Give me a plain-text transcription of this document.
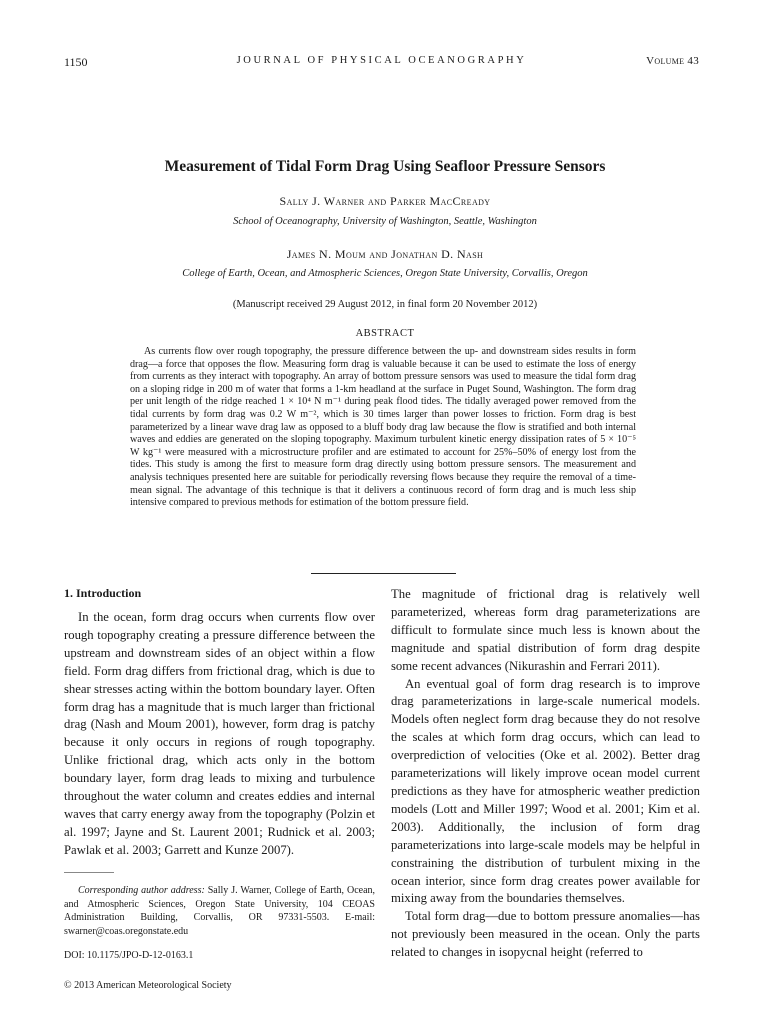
1150	JOURNAL OF PHYSICAL OCEANOGRAPHY	Volume 43
Measurement of Tidal Form Drag Using Seafloor Pressure Sensors
Sally J. Warner and Parker MacCready
School of Oceanography, University of Washington, Seattle, Washington
James N. Moum and Jonathan D. Nash
College of Earth, Ocean, and Atmospheric Sciences, Oregon State University, Corvallis, Oregon
(Manuscript received 29 August 2012, in final form 20 November 2012)
ABSTRACT

As currents flow over rough topography, the pressure difference between the up- and downstream sides results in form drag—a force that opposes the flow. Measuring form drag is valuable because it can be used to estimate the loss of energy from currents as they interact with topography. An array of bottom pressure sensors was used to measure the tidal form drag on a sloping ridge in 200 m of water that forms a 1-km headland at the surface in Puget Sound, Washington. The form drag per unit length of the ridge reached 1 × 10⁴ N m⁻¹ during peak flood tides. The tidally averaged power removed from the tidal currents by form drag was 0.2 W m⁻², which is 30 times larger than power losses to friction. Form drag is best parameterized by a linear wave drag law as opposed to a bluff body drag law because the flow is stratified and both internal waves and eddies are generated on the sloping topography. Maximum turbulent kinetic energy dissipation rates of 5 × 10⁻⁵ W kg⁻¹ were measured with a microstructure profiler and are estimated to account for 25%–50% of energy lost from the tides. This study is among the first to measure form drag directly using bottom pressure sensors. The measurement and analysis techniques presented here are suitable for periodically reversing flows because they require the removal of a time-mean signal. The advantage of this technique is that it delivers a continuous record of form drag and is much less ship intensive compared to previous methods for estimation of the bottom pressure field.

1. Introduction

In the ocean, form drag occurs when currents flow over rough topography creating a pressure difference between the upstream and downstream sides of an object within a flow field. Form drag differs from frictional drag, which is due to shear stresses acting within the bottom boundary layer. Often form drag has a magnitude that is much larger than frictional drag (Nash and Moum 2001), however, form drag is patchy because it only occurs in regions of rough topography. Unlike frictional drag, which acts only in the bottom boundary layer, form drag leads to mixing and turbulence throughout the water column and creates eddies and internal waves that carry energy away from the topography (Polzin et al. 1997; Jayne and St. Laurent 2001; Rudnick et al. 2003; Pawlak et al. 2003; Garrett and Kunze 2007).

The magnitude of frictional drag is relatively well parameterized, whereas form drag parameterizations are difficult to formulate since much less is known about the magnitude and spatial distribution of form drag despite some recent advances (Nikurashin and Ferrari 2011).

An eventual goal of form drag research is to improve drag parameterizations in large-scale numerical models. Models often neglect form drag because they do not resolve the scales at which form drag occurs, which can lead to overprediction of velocities (Oke et al. 2002). Better drag parameterizations will likely improve ocean model current predictions as they have for atmospheric weather prediction models (Lott and Miller 1997; Wood et al. 2001; Kim et al. 2003). Additionally, the inclusion of form drag parameterizations into large-scale models may be helpful in constraining the distribution of turbulent mixing in the ocean interior, since form drag creates power available for mixing away from the boundaries themselves.

Total form drag—due to bottom pressure anomalies—has not previously been measured in the ocean. Only the parts related to changes in isopycnal height (referred to

Corresponding author address: Sally J. Warner, College of Earth, Ocean, and Atmospheric Sciences, Oregon State University, 104 CEOAS Administration Building, Corvallis, OR 97331-5503. E-mail: swarner@coas.oregonstate.edu

DOI: 10.1175/JPO-D-12-0163.1
© 2013 American Meteorological Society
